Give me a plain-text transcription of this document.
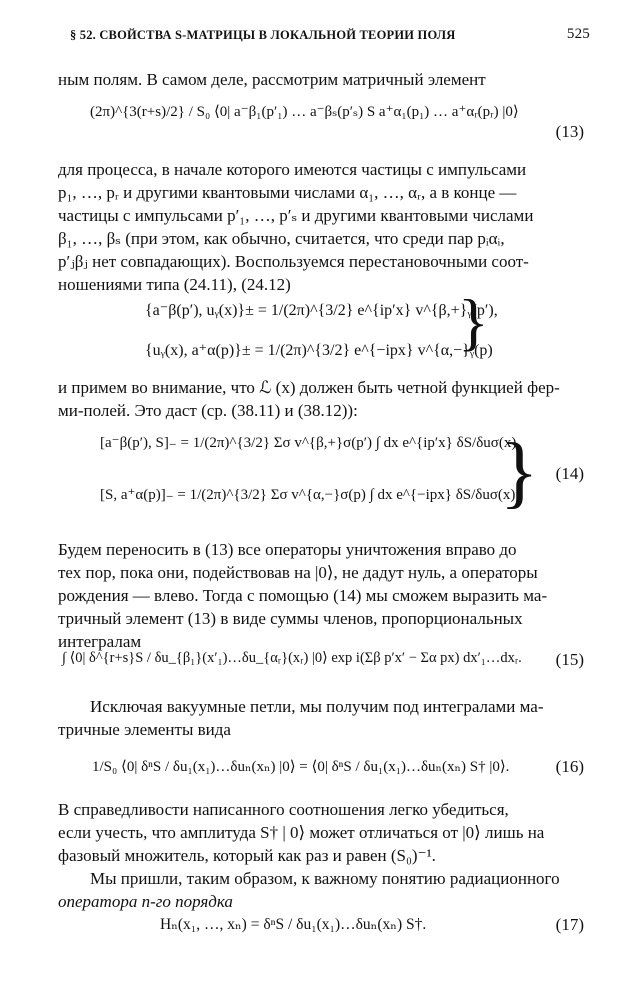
§ 52. СВОЙСТВА S-МАТРИЦЫ В ЛОКАЛЬНОЙ ТЕОРИИ ПОЛЯ	525
ным полям. В самом деле, рассмотрим матричный элемент
(2π)^{3(r+s)/2} / S₀ ⟨0| a⁻β₁(p′₁) … a⁻βₛ(p′ₛ) S a⁺α₁(p₁) … a⁺αᵣ(pᵣ) |0⟩
(13)
для процесса, в начале которого имеются частицы с импульсами
p₁, …, pᵣ и другими квантовыми числами α₁, …, αᵣ, а в конце —
частицы с импульсами p′₁, …, p′ₛ и другими квантовыми числами
β₁, …, βₛ (при этом, как обычно, считается, что среди пар pᵢαᵢ,
p′ⱼβⱼ нет совпадающих). Воспользуемся перестановочными соот-
ношениями типа (24.11), (24.12)
{a⁻β(p′), uᵧ(x)}± = 1/(2π)^{3/2} e^{ip′x} v^{β,+}ᵧ(p′),
{uᵧ(x), a⁺α(p)}± = 1/(2π)^{3/2} e^{−ipx} v^{α,−}ᵧ(p)
}
и примем во внимание, что ℒ (x) должен быть четной функцией фер-
ми-полей. Это даст (ср. (38.11) и (38.12)):
[a⁻β(p′), S]₋ = 1/(2π)^{3/2} Σσ v^{β,+}σ(p′) ∫ dx e^{ip′x} δS/δuσ(x),
[S, a⁺α(p)]₋ = 1/(2π)^{3/2} Σσ v^{α,−}σ(p) ∫ dx e^{−ipx} δS/δuσ(x).
} (14)
Будем переносить в (13) все операторы уничтожения вправо до
тех пор, пока они, подействовав на |0⟩, не дадут нуль, а операторы
рождения — влево. Тогда с помощью (14) мы сможем выразить ма-
тричный элемент (13) в виде суммы членов, пропорциональных
интегралам
∫ ⟨0| δ^{r+s}S / δu_{β₁}(x′₁)…δu_{αᵣ}(xᵣ) |0⟩ exp i(Σβ p′x′ − Σα px) dx′₁…dxᵣ. (15)
Исключая вакуумные петли, мы получим под интегралами ма-
тричные элементы вида
1/S₀ ⟨0| δⁿS / δu₁(x₁)…δuₙ(xₙ) |0⟩ = ⟨0| δⁿS / δu₁(x₁)…δuₙ(xₙ) S† |0⟩.	(16)
В справедливости написанного соотношения легко убедиться,
если учесть, что амплитуда S† | 0⟩ может отличаться от |0⟩ лишь на
фазовый множитель, который как раз и равен (S₀)⁻¹.
Мы пришли, таким образом, к важному понятию радиационного
оператора n-го порядка
Hₙ(x₁, …, xₙ) = δⁿS / δu₁(x₁)…δuₙ(xₙ) S†.	(17)
